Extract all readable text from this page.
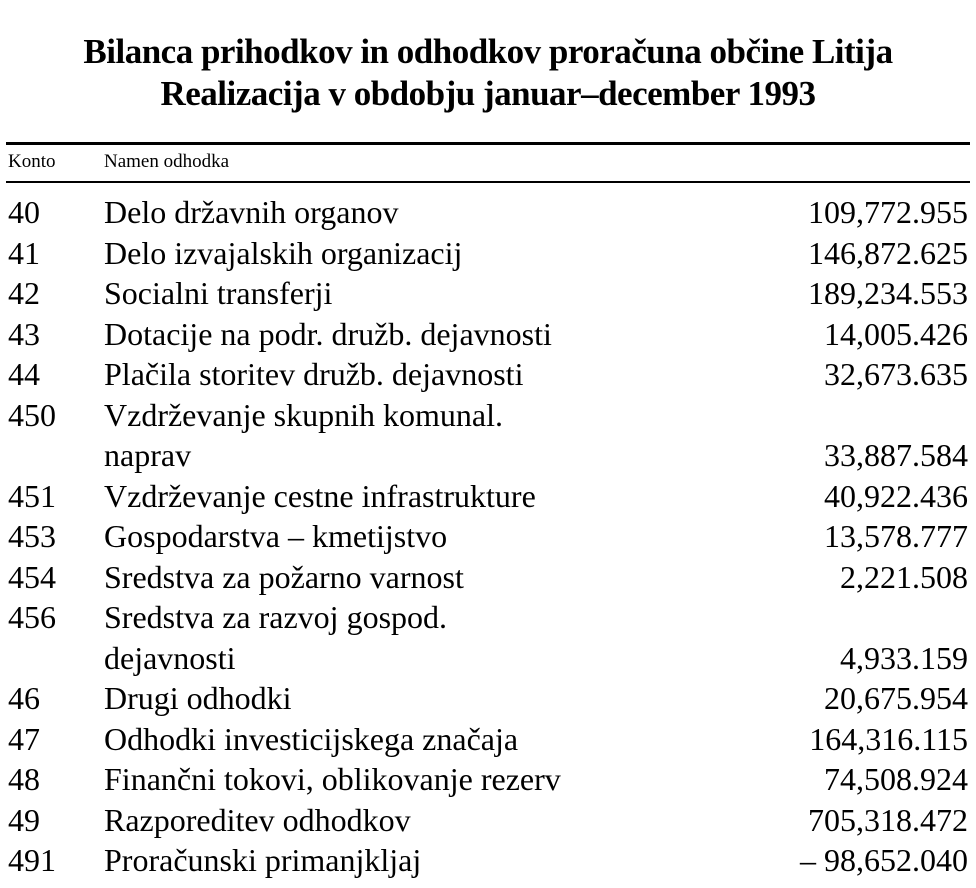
Bilanca prihodkov in odhodkov proračuna občine Litija
Realizacija v obdobju januar–december 1993
Konto	Namen odhodka
40 Delo državnih organov	109,772.955
41 Delo izvajalskih organizacij	146,872.625
42 Socialni transferji	189,234.553
43 Dotacije na podr. družb. dejavnosti	14,005.426
44 Plačila storitev družb. dejavnosti	32,673.635
450 Vzdrževanje skupnih komunal.
naprav	33,887.584
451 Vzdrževanje cestne infrastrukture	40,922.436
453 Gospodarstva – kmetijstvo	13,578.777
454 Sredstva za požarno varnost	2,221.508
456 Sredstva za razvoj gospod.
dejavnosti	4,933.159
46 Drugi odhodki	20,675.954
47 Odhodki investicijskega značaja	164,316.115
48 Finančni tokovi, oblikovanje rezerv	74,508.924
49 Razporeditev odhodkov	705,318.472
491 Proračunski primanjkljaj	– 98,652.040
